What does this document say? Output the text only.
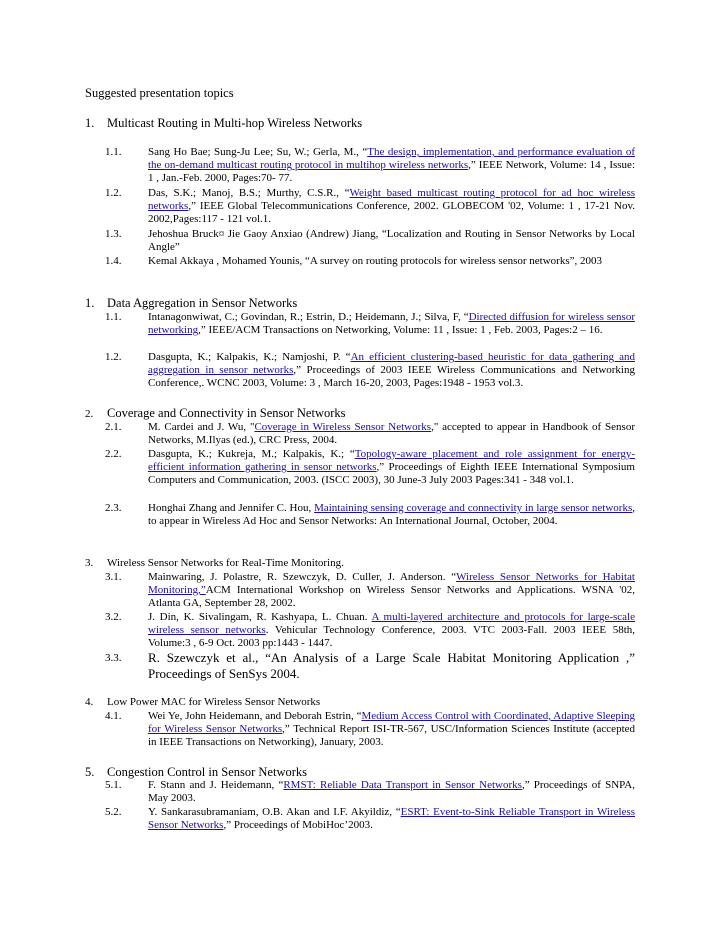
Suggested presentation topics
1. Multicast Routing in Multi-hop Wireless Networks
1.1.	Sang Ho Bae; Sung-Ju Lee; Su, W.; Gerla, M., “The design, implementation, and performance evaluation of the on-demand multicast routing protocol in multihop wireless networks,” IEEE Network, Volume: 14 , Issue: 1 , Jan.-Feb. 2000, Pages:70- 77.
1.2.	Das, S.K.; Manoj, B.S.; Murthy, C.S.R., “Weight based multicast routing protocol for ad hoc wireless networks,” IEEE Global Telecommunications Conference, 2002. GLOBECOM '02, Volume: 1 , 17-21 Nov. 2002,Pages:117 - 121 vol.1.
1.3.	Jehoshua Bruck¤ Jie Gaoy Anxiao (Andrew) Jiang, “Localization and Routing in Sensor Networks by Local Angle”
1.4.	Kemal Akkaya , Mohamed Younis, “A survey on routing protocols for wireless sensor networks”, 2003
1. Data Aggregation in Sensor Networks
1.1.	Intanagonwiwat, C.; Govindan, R.; Estrin, D.; Heidemann, J.; Silva, F, “Directed diffusion for wireless sensor networking,” IEEE/ACM Transactions on Networking, Volume: 11 , Issue: 1 , Feb. 2003, Pages:2 – 16.
1.2.	Dasgupta, K.; Kalpakis, K.; Namjoshi, P. “An efficient clustering-based heuristic for data gathering and aggregation in sensor networks,” Proceedings of 2003 IEEE Wireless Communications and Networking Conference,. WCNC 2003, Volume: 3 , March 16-20, 2003, Pages:1948 - 1953 vol.3.
2. Coverage and Connectivity in Sensor Networks
2.1.	M. Cardei and J. Wu, "Coverage in Wireless Sensor Networks," accepted to appear in Handbook of Sensor Networks, M.Ilyas (ed.), CRC Press, 2004.
2.2.	Dasgupta, K.; Kukreja, M.; Kalpakis, K.; “Topology-aware placement and role assignment for energy-efficient information gathering in sensor networks,” Proceedings of Eighth IEEE International Symposium Computers and Communication, 2003. (ISCC 2003), 30 June-3 July 2003 Pages:341 - 348 vol.1.
2.3.	Honghai Zhang and Jennifer C. Hou, Maintaining sensing coverage and connectivity in large sensor networks, to appear in Wireless Ad Hoc and Sensor Networks: An International Journal, October, 2004.
3. Wireless Sensor Networks for Real-Time Monitoring.
3.1.	Mainwaring, J. Polastre, R. Szewczyk, D. Culler, J. Anderson. “Wireless Sensor Networks for Habitat Monitoring,”ACM International Workshop on Wireless Sensor Networks and Applications. WSNA '02, Atlanta GA, September 28, 2002.
3.2.	J. Din, K. Sivalingam, R. Kashyapa, L. Chuan. A multi-layered architecture and protocols for large-scale wireless sensor networks. Vehicular Technology Conference, 2003. VTC 2003-Fall. 2003 IEEE 58th, Volume:3 , 6-9 Oct. 2003 pp:1443 - 1447.
3.3.	R. Szewczyk et al., “An Analysis of a Large Scale Habitat Monitoring Application ,” Proceedings of SenSys 2004.
4. Low Power MAC for Wireless Sensor Networks
4.1.	Wei Ye, John Heidemann, and Deborah Estrin, “Medium Access Control with Coordinated, Adaptive Sleeping for Wireless Sensor Networks,” Technical Report ISI-TR-567, USC/Information Sciences Institute (accepted in IEEE Transactions on Networking), January, 2003.
5. Congestion Control in Sensor Networks
5.1.	F. Stann and J. Heidemann, “RMST: Reliable Data Transport in Sensor Networks,” Proceedings of SNPA, May 2003.
5.2.	Y. Sankarasubramaniam, O.B. Akan and I.F. Akyildiz, “ESRT: Event-to-Sink Reliable Transport in Wireless Sensor Networks,” Proceedings of MobiHoc’2003.
